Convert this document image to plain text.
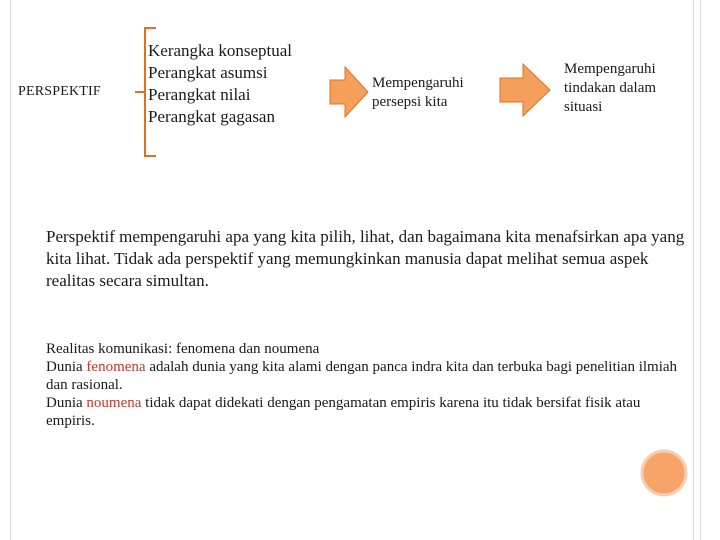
PERSPEKTIF
Kerangka konseptual
Perangkat asumsi
Perangkat nilai
Perangkat gagasan
Mempengaruhi
persepsi kita
Mempengaruhi
tindakan dalam
situasi
Perspektif mempengaruhi apa yang kita pilih, lihat, dan bagaimana kita menafsirkan apa yang kita lihat. Tidak ada perspektif yang memungkinkan manusia dapat melihat semua aspek realitas secara simultan.

Realitas komunikasi: fenomena dan noumena

Dunia fenomena adalah dunia yang kita alami dengan panca indra kita dan terbuka bagi penelitian ilmiah dan rasional.

Dunia noumena tidak dapat didekati dengan pengamatan empiris karena itu tidak bersifat fisik atau empiris.
